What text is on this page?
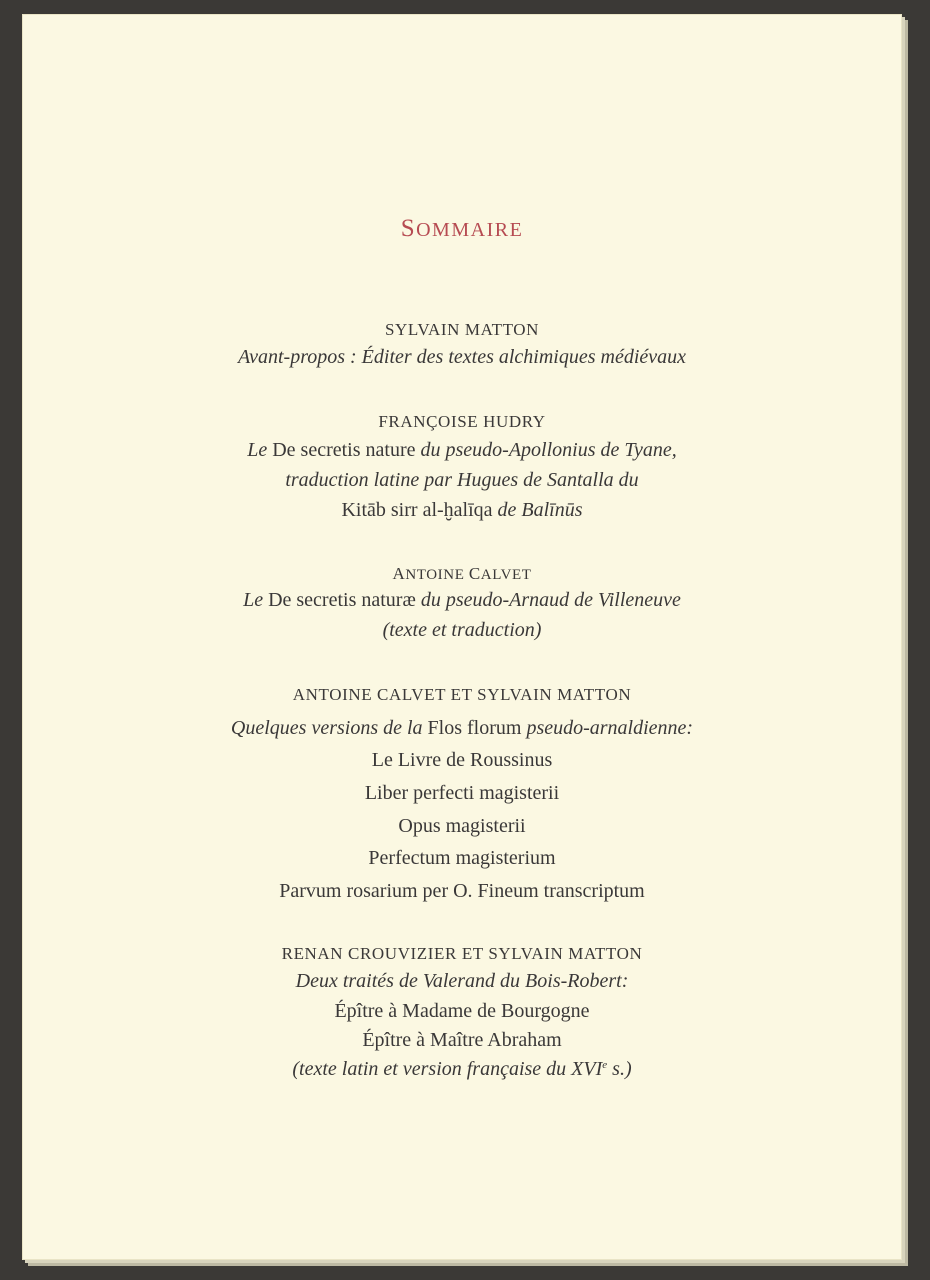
SOMMAIRE
SYLVAIN MATTON
Avant-propos : Éditer des textes alchimiques médiévaux
FRANÇOISE HUDRY
Le De secretis nature du pseudo-Apollonius de Tyane,
traduction latine par Hugues de Santalla du
Kitāb sirr al-ḫalīqa de Balīnūs
ANTOINE CALVET
Le De secretis naturæ du pseudo-Arnaud de Villeneuve
(texte et traduction)
ANTOINE CALVET ET SYLVAIN MATTON
Quelques versions de la Flos florum pseudo-arnaldienne:
Le Livre de Roussinus
Liber perfecti magisterii
Opus magisterii
Perfectum magisterium
Parvum rosarium per O. Fineum transcriptum
RENAN CROUVIZIER ET SYLVAIN MATTON
Deux traités de Valerand du Bois-Robert:
Épître à Madame de Bourgogne
Épître à Maître Abraham
(texte latin et version française du XVIe s.)
